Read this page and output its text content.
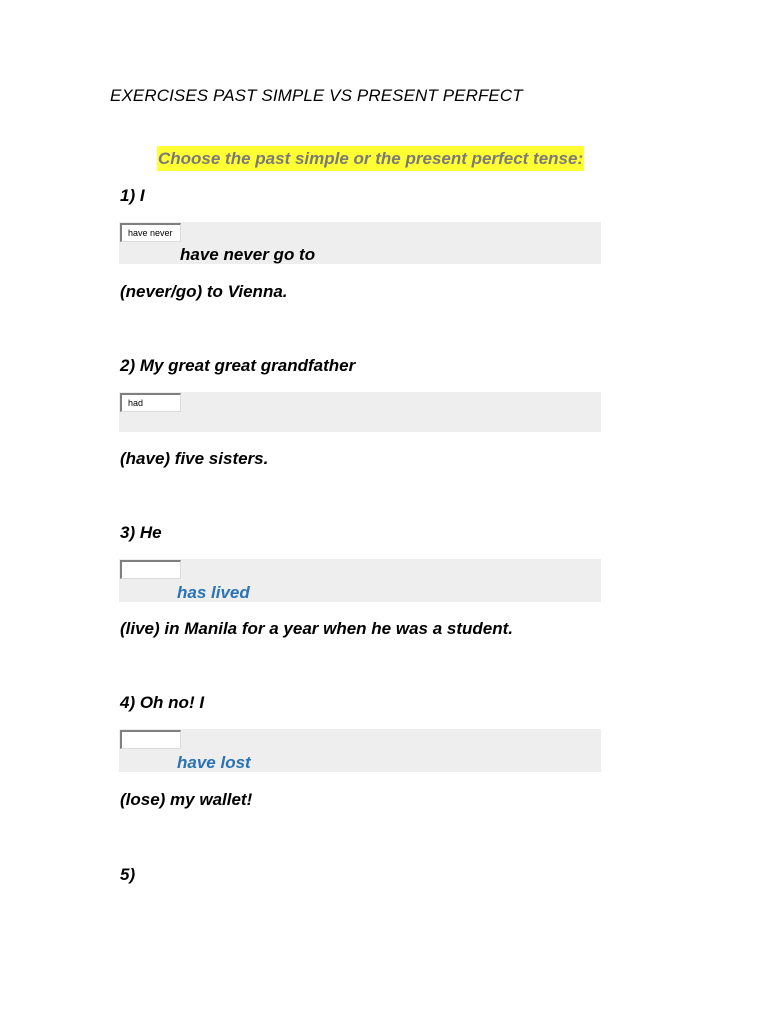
EXERCISES PAST SIMPLE VS PRESENT PERFECT
Choose the past simple or the present perfect tense:
1) I
have never
have never go to
(never/go) to Vienna.
2) My great great grandfather
had
(have) five sisters.
3) He
has lived
(live) in Manila for a year when he was a student.
4) Oh no! I
have lost
(lose) my wallet!
5)
